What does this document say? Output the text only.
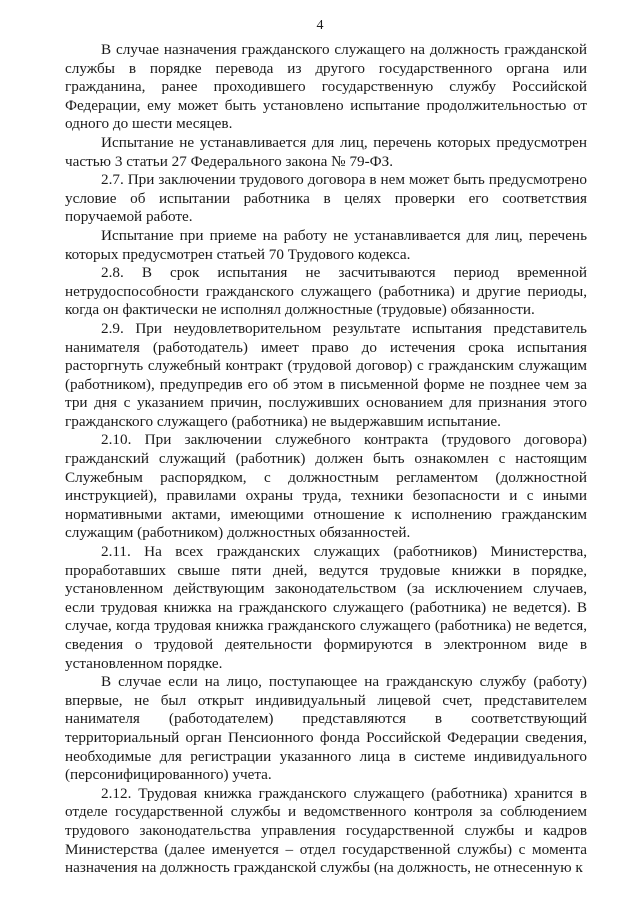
4

В случае назначения гражданского служащего на должность гражданской службы в порядке перевода из другого государственного органа или гражданина, ранее проходившего государственную службу Российской Федерации, ему может быть установлено испытание продолжительностью от одного до шести месяцев.

Испытание не устанавливается для лиц, перечень которых предусмотрен частью 3 статьи 27 Федерального закона № 79-ФЗ.

2.7. При заключении трудового договора в нем может быть предусмотрено условие об испытании работника в целях проверки его соответствия поручаемой работе.

Испытание при приеме на работу не устанавливается для лиц, перечень которых предусмотрен статьей 70 Трудового кодекса.

2.8. В срок испытания не засчитываются период временной нетрудоспособности гражданского служащего (работника) и другие периоды, когда он фактически не исполнял должностные (трудовые) обязанности.

2.9. При неудовлетворительном результате испытания представитель нанимателя (работодатель) имеет право до истечения срока испытания расторгнуть служебный контракт (трудовой договор) с гражданским служащим (работником), предупредив его об этом в письменной форме не позднее чем за три дня с указанием причин, послуживших основанием для признания этого гражданского служащего (работника) не выдержавшим испытание.

2.10. При заключении служебного контракта (трудового договора) гражданский служащий (работник) должен быть ознакомлен с настоящим Служебным распорядком, с должностным регламентом (должностной инструкцией), правилами охраны труда, техники безопасности и с иными нормативными актами, имеющими отношение к исполнению гражданским служащим (работником) должностных обязанностей.

2.11. На всех гражданских служащих (работников) Министерства, проработавших свыше пяти дней, ведутся трудовые книжки в порядке, установленном действующим законодательством (за исключением случаев, если трудовая книжка на гражданского служащего (работника) не ведется). В случае, когда трудовая книжка гражданского служащего (работника) не ведется, сведения о трудовой деятельности формируются в электронном виде в установленном порядке.

В случае если на лицо, поступающее на гражданскую службу (работу) впервые, не был открыт индивидуальный лицевой счет, представителем нанимателя (работодателем) представляются в соответствующий территориальный орган Пенсионного фонда Российской Федерации сведения, необходимые для регистрации указанного лица в системе индивидуального (персонифицированного) учета.

2.12. Трудовая книжка гражданского служащего (работника) хранится в отделе государственной службы и ведомственного контроля за соблюдением трудового законодательства управления государственной службы и кадров Министерства (далее именуется – отдел государственной службы) с момента назначения на должность гражданской службы (на должность, не отнесенную к
